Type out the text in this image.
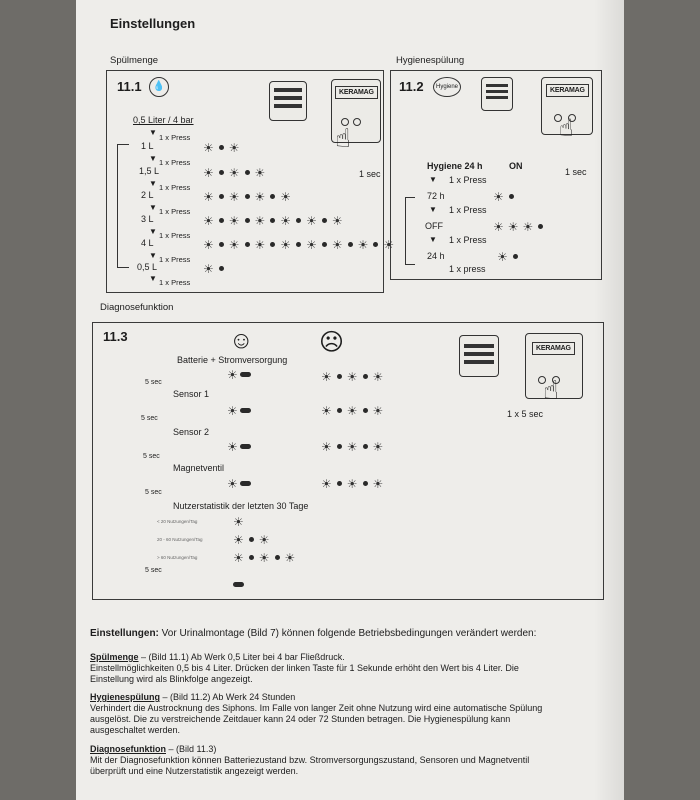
Einstellungen
Spülmenge	Hygienespülung
11.1	💧
0,5 Liter / 4 bar
▼
1 x Press
1 L	☀ ☀
▼ 1 x Press
1,5 L	☀ ☀ ☀
▼ 1 x Press
2 L	☀ ☀ ☀ ☀
▼ 1 x Press
3 L	☀ ☀ ☀ ☀ ☀ ☀
▼ 1 x Press
4 L	☀ ☀ ☀ ☀ ☀ ☀ ☀ ☀
▼ 1 x Press
0,5 L	☀
▼ 1 x Press
KERAMAG
☝
1 sec
11.2	Hygiene
Hygiene 24 h	ON
▼ 1 x Press
72 h	☀
▼ 1 x Press
OFF	☀ ☀ ☀
▼ 1 x Press
24 h	☀
1 x press
KERAMAG
☝
1 sec
Diagnosefunktion
11.3	☺	☹
Batterie + Stromversorgung
☀	☀ ☀ ☀
5 sec
Sensor 1
☀	☀ ☀ ☀
5 sec
Sensor 2
☀	☀ ☀ ☀
5 sec
Magnetventil
☀	☀ ☀ ☀
5 sec
Nutzerstatistik der letzten 30 Tage
< 20 Nutzungen/Tag	☀
20 - 60 Nutzungen/Tag	☀ ☀
> 60 Nutzungen/Tag	☀ ☀ ☀
5 sec
KERAMAG
☝
1 x 5 sec
Einstellungen: Vor Urinalmontage (Bild 7) können folgende Betriebsbedingungen verändert werden:
Spülmenge – (Bild 11.1) Ab Werk 0,5 Liter bei 4 bar Fließdruck.
Einstellmöglichkeiten 0,5 bis 4 Liter. Drücken der linken Taste für 1 Sekunde erhöht den Wert bis 4 Liter. Die
Einstellung wird als Blinkfolge angezeigt.
Hygienespülung – (Bild 11.2) Ab Werk 24 Stunden
Verhindert die Austrocknung des Siphons. Im Falle von langer Zeit ohne Nutzung wird eine automatische Spülung
ausgelöst. Die zu verstreichende Zeitdauer kann 24 oder 72 Stunden betragen. Die Hygienespülung kann
ausgeschaltet werden.
Diagnosefunktion – (Bild 11.3)
Mit der Diagnosefunktion können Batteriezustand bzw. Stromversorgungszustand, Sensoren und Magnetventil
überprüft und eine Nutzerstatistik angezeigt werden.
